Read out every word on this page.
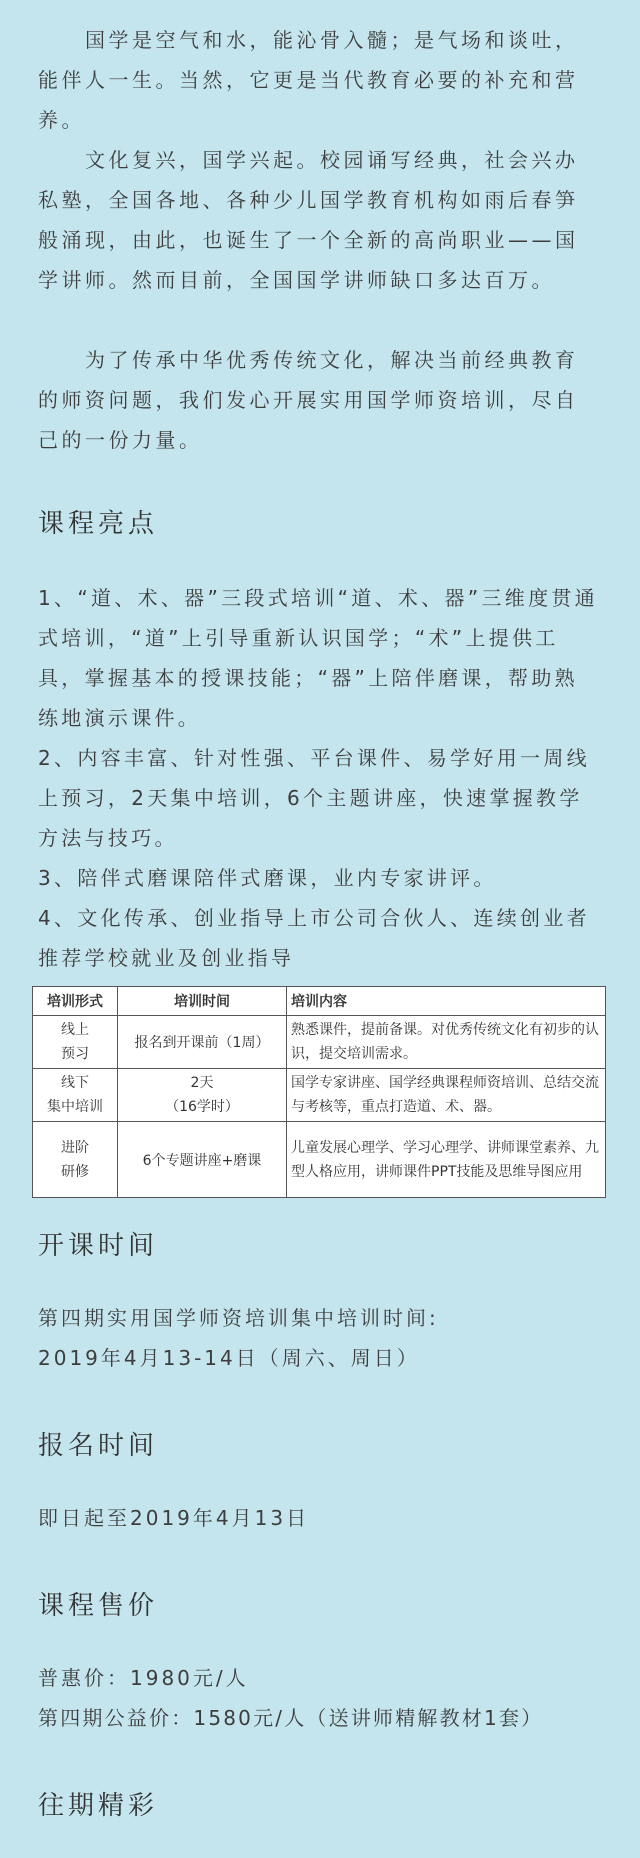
国学是空气和水，能沁骨入髓；是气场和谈吐，能伴人一生。当然，它更是当代教育必要的补充和营养。

文化复兴，国学兴起。校园诵写经典，社会兴办私塾，全国各地、各种少儿国学教育机构如雨后春笋般涌现，由此，也诞生了一个全新的高尚职业——国学讲师。然而目前，全国国学讲师缺口多达百万。

为了传承中华优秀传统文化，解决当前经典教育的师资问题，我们发心开展实用国学师资培训，尽自己的一份力量。

课程亮点

1、“道、术、器”三段式培训“道、术、器”三维度贯通式培训，“道”上引导重新认识国学；“术”上提供工具，掌握基本的授课技能；“器”上陪伴磨课，帮助熟练地演示课件。

2、内容丰富、针对性强、平台课件、易学好用一周线上预习，2天集中培训，6个主题讲座，快速掌握教学方法与技巧。

3、陪伴式磨课陪伴式磨课，业内专家讲评。

4、文化传承、创业指导上市公司合伙人、连续创业者推荐学校就业及创业指导

培训形式	培训时间	培训内容

线上
预习	报名到开课前（1周）	熟悉课件，提前备课。对优秀传统文化有初步的认识，提交培训需求。

线下
集中培训	2天
（16学时）	国学专家讲座、国学经典课程师资培训、总结交流与考核等，重点打造道、术、器。

进阶
研修	6个专题讲座+磨课	儿童发展心理学、学习心理学、讲师课堂素养、九型人格应用，讲师课件PPT技能及思维导图应用
开课时间

第四期实用国学师资培训集中培训时间:

2019年4月13-14日（周六、周日）

报名时间

即日起至2019年4月13日

课程售价

普惠价：1980元/人

第四期公益价：1580元/人（送讲师精解教材1套）

往期精彩
